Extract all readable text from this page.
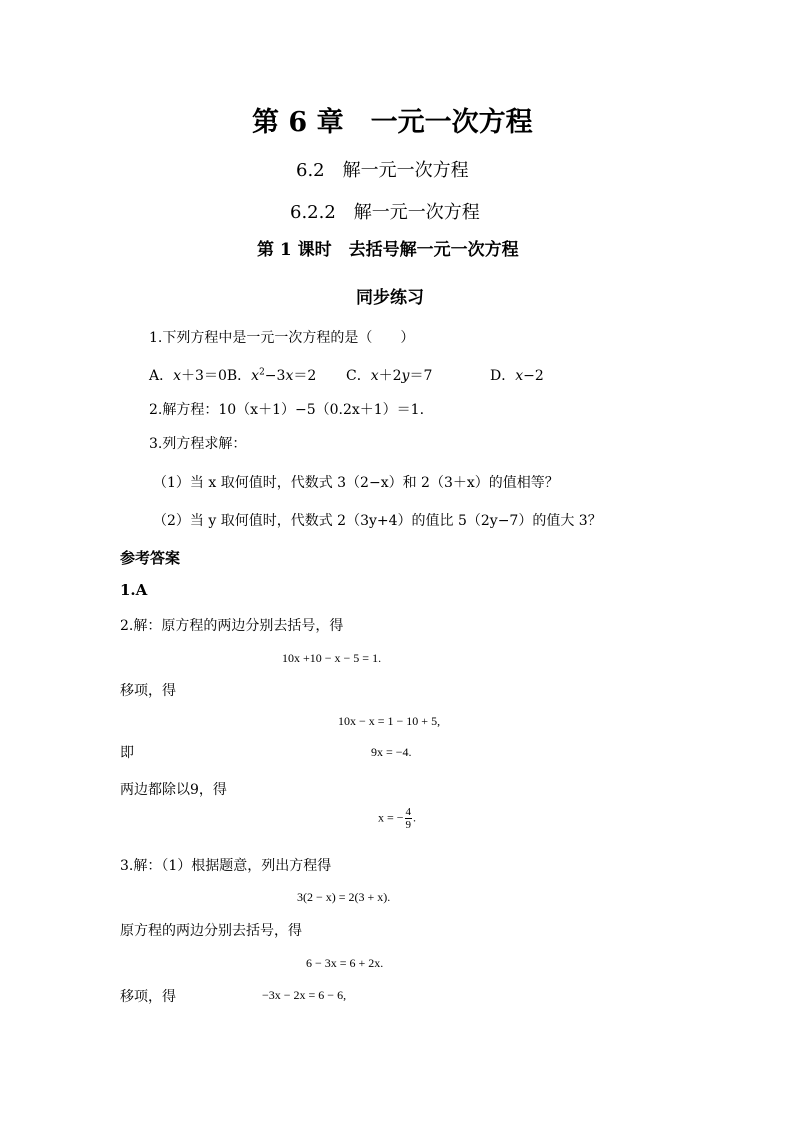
第 6 章　一元一次方程
6.2　解一元一次方程
6.2.2　解一元一次方程
第 1 课时　去括号解一元一次方程
同步练习
1.下列方程中是一元一次方程的是（　　）
A．x＋3＝0B．$x^2-3x=2$ C．x＋2y＝7	D．x−2
2.解方程：10（x＋1）−5（0.2x＋1）＝1.
3.列方程求解：
（1）当 x 取何值时，代数式 3（2−x）和 2（3＋x）的值相等？
（2）当 y 取何值时，代数式 2（3y+4）的值比 5（2y−7）的值大 3？
参考答案
1.A
2.解：原方程的两边分别去括号，得
10x +10 − x − 5 = 1.
移项，得
10x − x = 1 − 10 + 5,
即	9x = −4.
两边都除以9，得
x = − $\frac{4}{9}$ .
3.解：（1）根据题意，列出方程得
3(2 − x) = 2(3 + x).
原方程的两边分别去括号，得
6 − 3x = 6 + 2x.
移项，得	−3x − 2x = 6 − 6,
